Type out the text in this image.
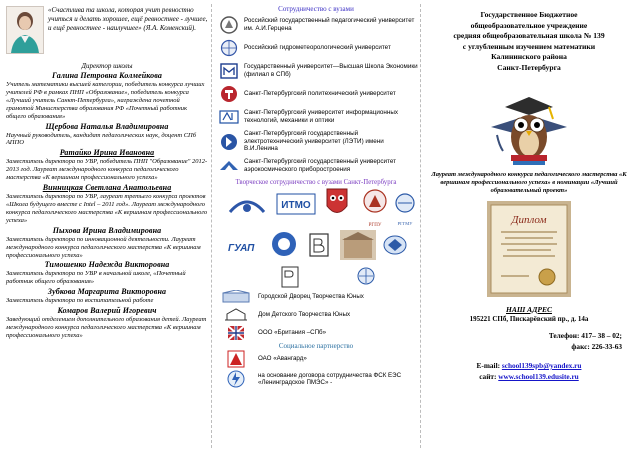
«Счастлива та школа, которая учит ревностно учиться и делать хорошее, ещё ревностнее - лучшее, и ещё ревностнее - наилучшее» (Я.А. Коменский).
Директор школы
Галина Петровна Колмейкова
Учитель математики высшей категории, победитель конкурса лучших учителей РФ в рамках ПНП «Образование», победитель конкурса «Лучший учитель Санкт-Петербурга», награждена почетной грамотой Министерства образования РФ «Почетный работник общего образования»
Щербова Наталья Владимировна
Научный руководитель, кандидат педагогических наук, доцент СПб АППО
Ратайко Ирина Ивановна
Заместитель директора по УВР, победитель ПНП "Образование" 2012-2013 год. Лауреат международного конкурса педагогического мастерства «К вершинам профессионального успеха»
Винницкая Светлана Анатольевна
Заместитель директора по УВР, лауреат третьего конкурса проектов «Школа будущего вместе с Intel – 2011 год». Лауреат международного конкурса педагогического мастерства «К вершинам профессионального успеха»
Пыхова Ирина Владимировна
Заместитель директора по инновационной деятельности. Лауреат международного конкурса педагогического мастерства «К вершинам профессионального успеха»
Тимошенко Надежда Викторовна
Заместитель директора по УВР в начальной школе, «Почетный работник общего образования»
Зубкова Маргарита Викторовна
Заместитель директора по воспитательной работе
Комаров Валерий Игоревич
Заведующий отделением дополнительного образования детей. Лауреат международного конкурса педагогического мастерства «К вершинам профессионального успеха»
Сотрудничество с вузами
Российский государственный педагогический университет им. А.И.Герцена
Российский гидрометеорологический университет
Государственный университет—Высшая Школа Экономики (филиал в СПб)
Санкт-Петербургский политехнический университет
Санкт-Петербургский университет информационных технологий, механики и оптики
Санкт-Петербургский государственный электротехнический университет (ЛЭТИ) имени В.И.Ленина
Санкт-Петербургский государственный университет аэрокосмического приборостроения
Творческое сотрудничество с вузами Санкт-Петербурга
ИТМО
РГПУ	РГГМУ
ГУАП
Городской Дворец Творчества Юных
Дом Детского Творчества Юных
ООО «Британия –СПб»
Социальное партнерство
ОАО «Авангард»
на основание договора сотрудничества ФСК ЕЭС «Ленинградское ПМЭС» -
Государственное Бюджетное
общеобразовательное учреждение
средняя общеобразовательная школа № 139
с углубленным изучением математики
Калининского района
Санкт-Петербурга
Лауреат международного конкурса педагогического мастерства «К вершинам профессионального успеха» в номинации «Лучший образовательный проект»
Диплом
НАШ АДРЕС
195221 СПб, Пискарёвский пр., д. 14а
Телефон: 417– 38 – 02;
факс: 226-33-63
E-mail: school139spb@yandex.ru
сайт: www.school139.edusite.ru
